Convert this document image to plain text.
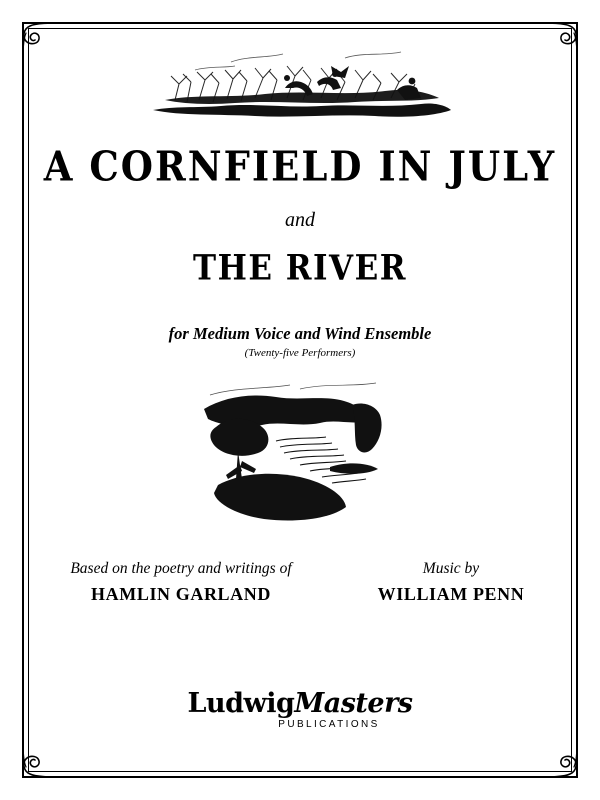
A CORNFIELD IN JULY
and
THE RIVER
for Medium Voice and Wind Ensemble
(Twenty-five Performers)
Based on the poetry and writings of
HAMLIN GARLAND
Music by
WILLIAM PENN
LudwigMasters
PUBLICATIONS
